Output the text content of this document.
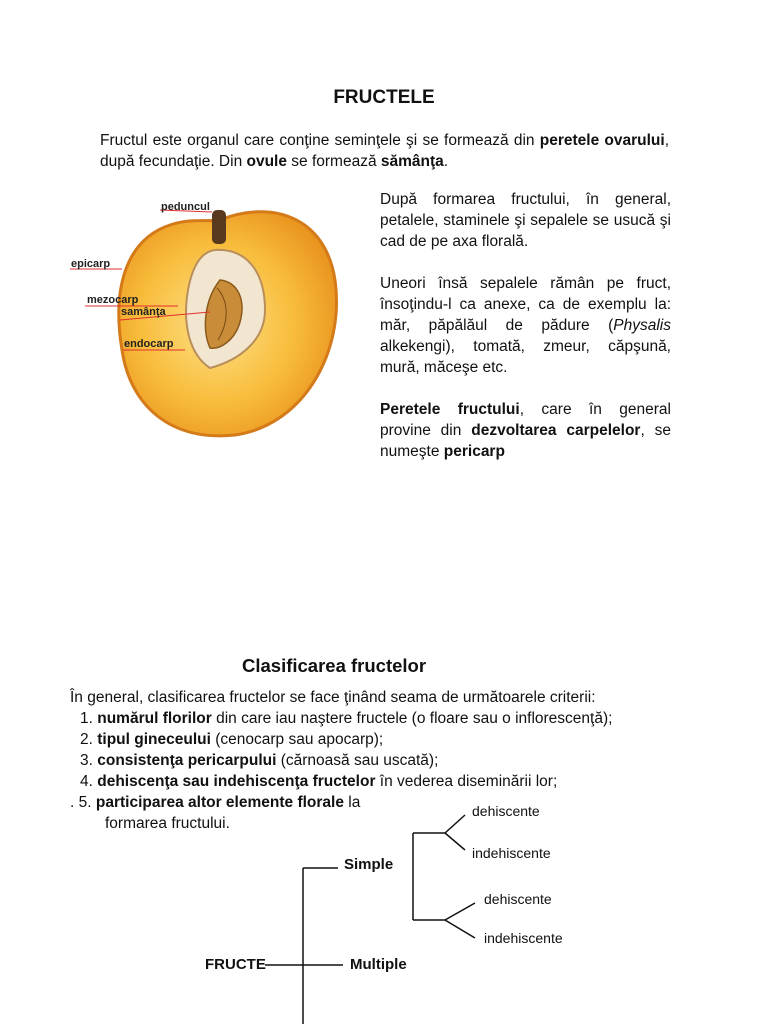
FRUCTELE

Fructul este organul care conţine seminţele şi se formează din peretele ovarului, după fecundaţie. Din ovule se formează sămânţa.

peduncul
epicarp
mezocarp
samânţa
endocarp

După formarea fructului, în general, petalele, staminele şi sepalele se usucă şi cad de pe axa florală.

Uneori însă sepalele rămân pe fruct, însoţindu-l ca anexe, ca de exemplu la: măr, păpălăul de pădure (Physalis alkekengi), tomată, zmeur, căpşună, mură, măceşe etc.

Peretele fructului, care în general provine din dezvoltarea carpelelor, se numeşte pericarp

Clasificarea fructelor
În general, clasificarea fructelor se face ţinând seama de următoarele criterii:
1. numărul florilor din care iau naştere fructele (o floare sau o inflorescenţă);
2. tipul gineceului (cenocarp sau apocarp);
3. consistenţa pericarpului (cărnoasă sau uscată);
4. dehiscenţa sau indehiscenţa fructelor în vederea diseminării lor;
. 5. participarea altor elemente florale la
formarea fructului.
FRUCTE
Simple
Multiple
dehiscente
indehiscente
dehiscente
indehiscente
